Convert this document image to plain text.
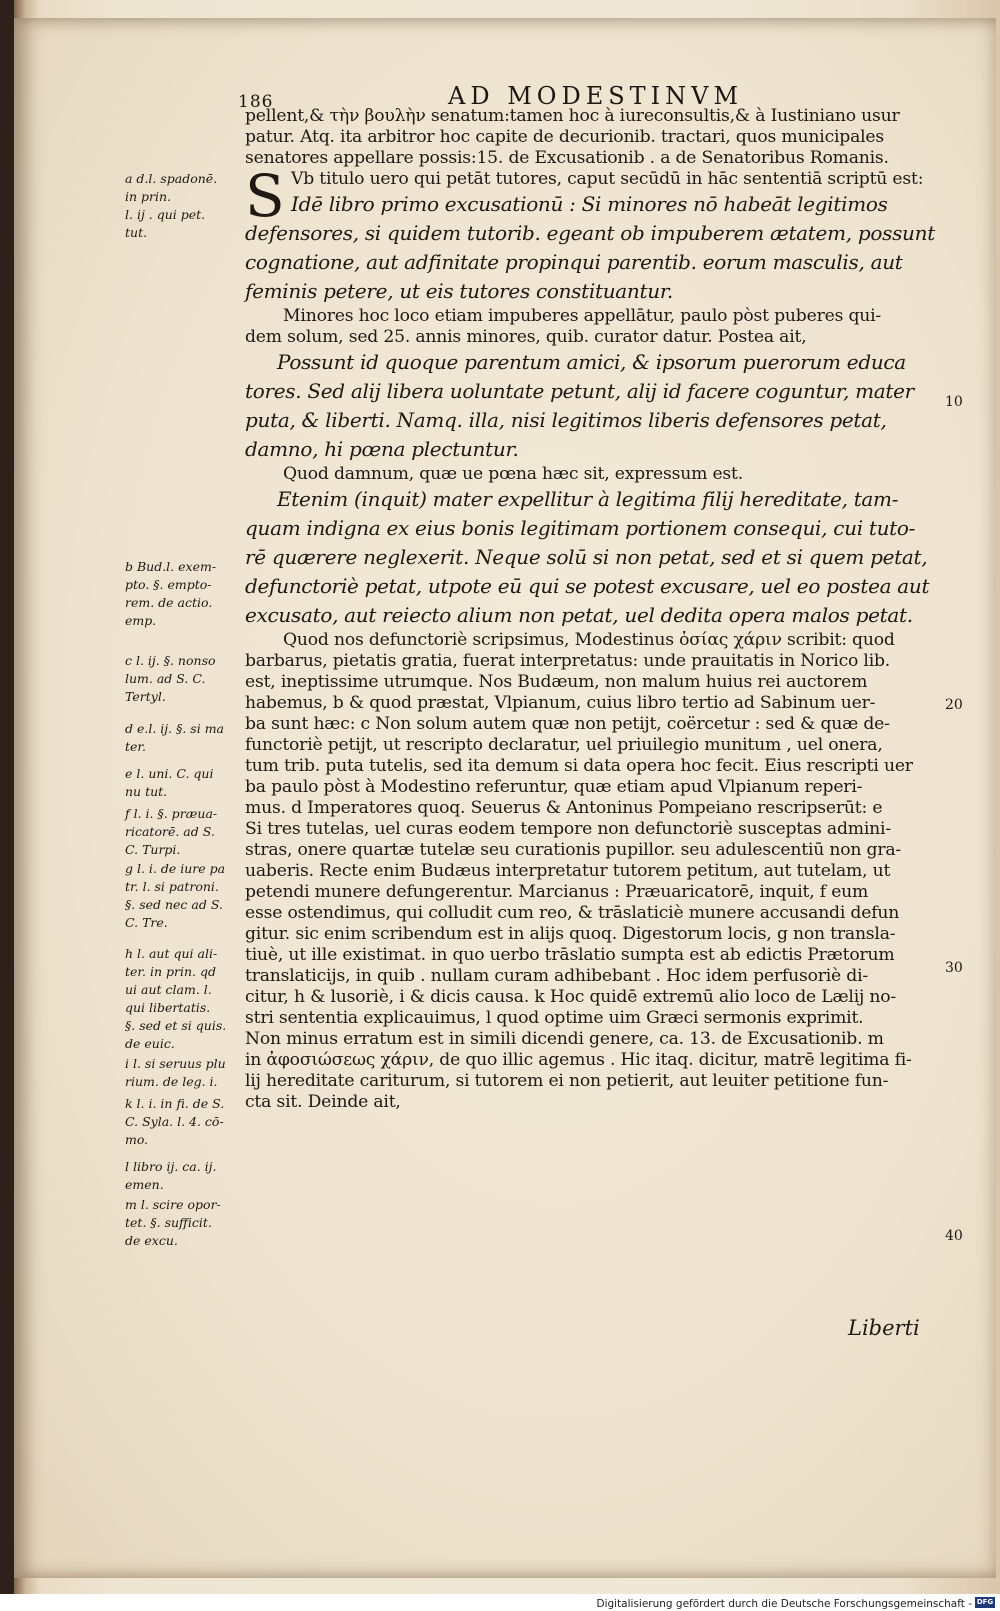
186	AD MODESTINVM
pellent,& τὴν βουλὴν senatum:tamen hoc à iureconsultis,& à Iustiniano usur
patur. Atq. ita arbitror hoc capite de decurionib. tractari, quos municipales
senatores appellare possis:15. de Excusationib . a de Senatoribus Romanis.
Vb titulo uero qui petāt tutores, caput secūdū in hāc sententiā scriptū est:
S Idē libro primo excusationū : Si minores nō habeāt legitimos
defensores, si quidem tutorib. egeant ob impuberem ætatem, possunt
cognatione, aut adfinitate propinqui parentib. eorum masculis, aut
feminis petere, ut eis tutores constituantur.
Minores hoc loco etiam impuberes appellātur, paulo pòst puberes qui-
dem solum, sed 25. annis minores, quib. curator datur. Postea ait,
Possunt id quoque parentum amici, & ipsorum puerorum educa
tores. Sed alij libera uoluntate petunt, alij id facere coguntur, mater
puta, & liberti. Namq. illa, nisi legitimos liberis defensores petat,
damno, hi pœna plectuntur.
Quod damnum, quæ ue pœna hæc sit, expressum est.
Etenim (inquit) mater expellitur à legitima filij hereditate, tam-
quam indigna ex eius bonis legitimam portionem consequi, cui tuto-
rē quærere neglexerit. Neque solū si non petat, sed et si quem petat,
defunctoriè petat, utpote eū qui se potest excusare, uel eo postea aut
excusato, aut reiecto alium non petat, uel dedita opera malos petat.
Quod nos defunctoriè scripsimus, Modestinus ὁσίας χάριν scribit: quod
barbarus, pietatis gratia, fuerat interpretatus: unde prauitatis in Norico lib.
est, ineptissime utrumque. Nos Budæum, non malum huius rei auctorem
habemus, b & quod præstat, Vlpianum, cuius libro tertio ad Sabinum uer-
ba sunt hæc: c Non solum autem quæ non petijt, coërcetur : sed & quæ de-
functoriè petijt, ut rescripto declaratur, uel priuilegio munitum , uel onera,
tum trib. puta tutelis, sed ita demum si data opera hoc fecit. Eius rescripti uer
ba paulo pòst à Modestino referuntur, quæ etiam apud Vlpianum reperi-
mus. d Imperatores quoq. Seuerus & Antoninus Pompeiano rescripserūt: e
Si tres tutelas, uel curas eodem tempore non defunctoriè susceptas admini-
stras, onere quartæ tutelæ seu curationis pupillor. seu adulescentiū non gra-
uaberis. Recte enim Budæus interpretatur tutorem petitum, aut tutelam, ut
petendi munere defungerentur. Marcianus : Præuaricatorē, inquit, f eum
esse ostendimus, qui colludit cum reo, & trāslaticiè munere accusandi defun
gitur. sic enim scribendum est in alijs quoq. Digestorum locis, g non transla-
tiuè, ut ille existimat. in quo uerbo trāslatio sumpta est ab edictis Prætorum
translaticijs, in quib . nullam curam adhibebant . Hoc idem perfusoriè di-
citur, h & lusoriè, i & dicis causa. k Hoc quidē extremū alio loco de Lælij no-
stri sententia explicauimus, l quod optime uim Græci sermonis exprimit.
Non minus erratum est in simili dicendi genere, ca. 13. de Excusationib. m
in ἀφοσιώσεως χάριν, de quo illic agemus . Hic itaq. dicitur, matrē legitima fi-
lij hereditate cariturum, si tutorem ei non petierit, aut leuiter petitione fun-
cta sit. Deinde ait,
a d.l. spadonē.
in prin.
l. ij . qui pet.
tut.
b Bud.l. exem-
pto. §. empto-
rem. de actio.
emp.
c l. ij. §. nonso
lum. ad S. C.
Tertyl.
d e.l. ij. §. si ma
ter.
e l. uni. C. qui
nu tut.
f l. i. §. præua-
ricatorē. ad S.
C. Turpi.
g l. i. de iure pa
tr. l. si patroni.
§. sed nec ad S.
C. Tre.
h l. aut qui ali-
ter. in prin. qd
ui aut clam. l.
qui libertatis.
§. sed et si quis.
de euic.
i l. si seruus plu
rium. de leg. i.
k l. i. in fi. de S.
C. Syla. l. 4. cō-
mo.
l libro ij. ca. ij.
emen.
m l. scire opor-
tet. §. sufficit.
de excu.
10
20
30
40
Liberti
Digitalisierung gefördert durch die Deutsche Forschungsgemeinschaft - DFG
